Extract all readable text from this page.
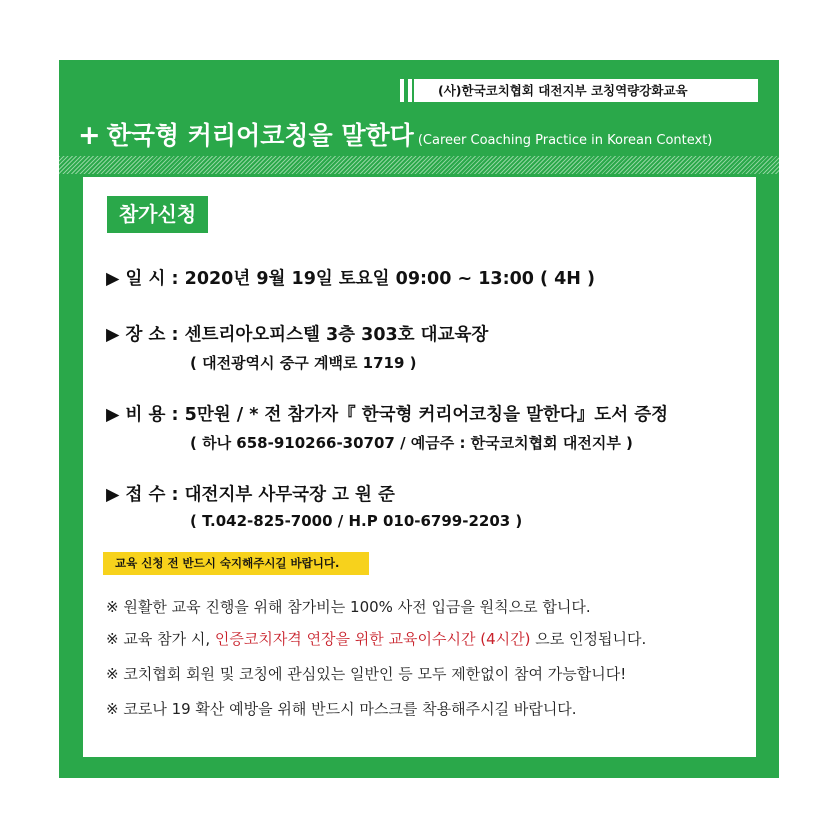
(사)한국코치협회 대전지부 코칭역량강화교육
+ 한국형 커리어코칭을 말한다 (Career Coaching Practice in Korean Context)
참가신청
▶ 일 시 : 2020년 9월 19일 토요일 09:00 ~ 13:00 ( 4H )
▶ 장 소 : 센트리아오피스텔 3층 303호 대교육장
( 대전광역시 중구 계백로 1719 )
▶ 비 용 : 5만원 / * 전 참가자『 한국형 커리어코칭을 말한다』도서 증정
( 하나 658-910266-30707 / 예금주 : 한국코치협회 대전지부 )
▶ 접 수 : 대전지부 사무국장 고 원 준
( T.042-825-7000 / H.P 010-6799-2203 )
교육 신청 전 반드시 숙지해주시길 바랍니다.
※ 원활한 교육 진행을 위해 참가비는 100% 사전 입금을 원칙으로 합니다.
※ 교육 참가 시, 인증코치자격 연장을 위한 교육이수시간 (4시간) 으로 인정됩니다.
※ 코치협회 회원 및 코칭에 관심있는 일반인 등 모두 제한없이 참여 가능합니다!
※ 코로나 19 확산 예방을 위해 반드시 마스크를 착용해주시길 바랍니다.
